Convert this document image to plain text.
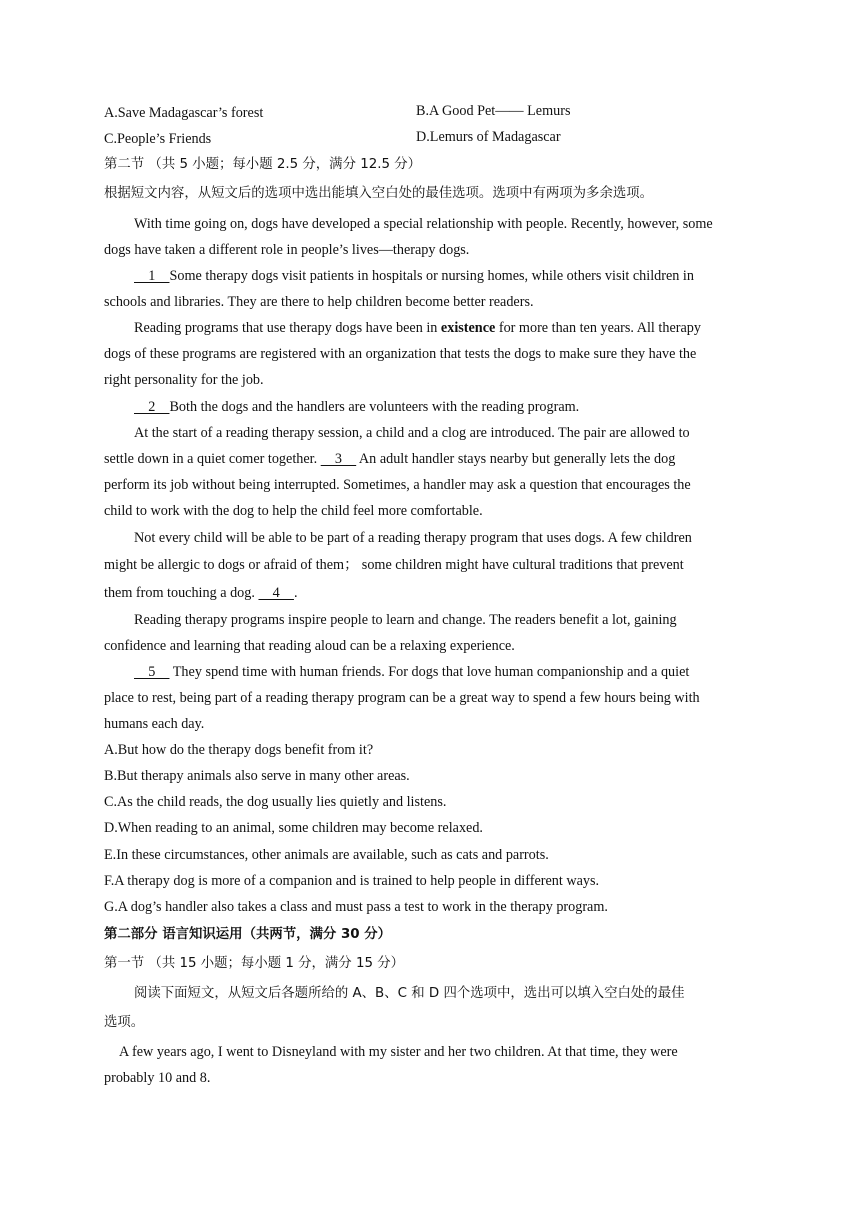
A.Save Madagascar’s forest	B.A Good Pet—— Lemurs
C.People’s Friends	D.Lemurs of Madagascar
第二节 （共 5 小题；每小题 2.5 分，满分 12.5 分）
根据短文内容，从短文后的选项中选出能填入空白处的最佳选项。选项中有两项为多余选项。
With time going on, dogs have developed a special relationship with people. Recently, however, some
dogs have taken a different role in people’s lives—therapy dogs.
1    Some therapy dogs visit patients in hospitals or nursing homes, while others visit children in
schools and libraries. They are there to help children become better readers.
Reading programs that use therapy dogs have been in existence for more than ten years. All therapy
dogs of these programs are registered with an organization that tests the dogs to make sure they have the
right personality for the job.
2    Both the dogs and the handlers are volunteers with the reading program.
At the start of a reading therapy session, a child and a clog are introduced. The pair are allowed to
settle down in a quiet comer together.     3     An adult handler stays nearby but generally lets the dog
perform its job without being interrupted. Sometimes, a handler may ask a question that encourages the
child to work with the dog to help the child feel more comfortable.
Not every child will be able to be part of a reading therapy program that uses dogs. A few children
might be allergic to dogs or afraid of them； some children might have cultural traditions that prevent
them from touching a dog.     4    .
Reading therapy programs inspire people to learn and change. The readers benefit a lot, gaining
confidence and learning that reading aloud can be a relaxing experience.
5     They spend time with human friends. For dogs that love human companionship and a quiet
place to rest, being part of a reading therapy program can be a great way to spend a few hours being with
humans each day.
A.But how do the therapy dogs benefit from it?
B.But therapy animals also serve in many other areas.
C.As the child reads, the dog usually lies quietly and listens.
D.When reading to an animal, some children may become relaxed.
E.In these circumstances, other animals are available, such as cats and parrots.
F.A therapy dog is more of a companion and is trained to help people in different ways.
G.A dog’s handler also takes a class and must pass a test to work in the therapy program.
第二部分 语言知识运用（共两节，满分 30 分）
第一节 （共 15 小题；每小题 1 分，满分 15 分）
阅读下面短文，从短文后各题所给的 A、B、C 和 D 四个选项中，选出可以填入空白处的最佳
选项。
A few years ago, I went to Disneyland with my sister and her two children. At that time, they were
probably 10 and 8.
